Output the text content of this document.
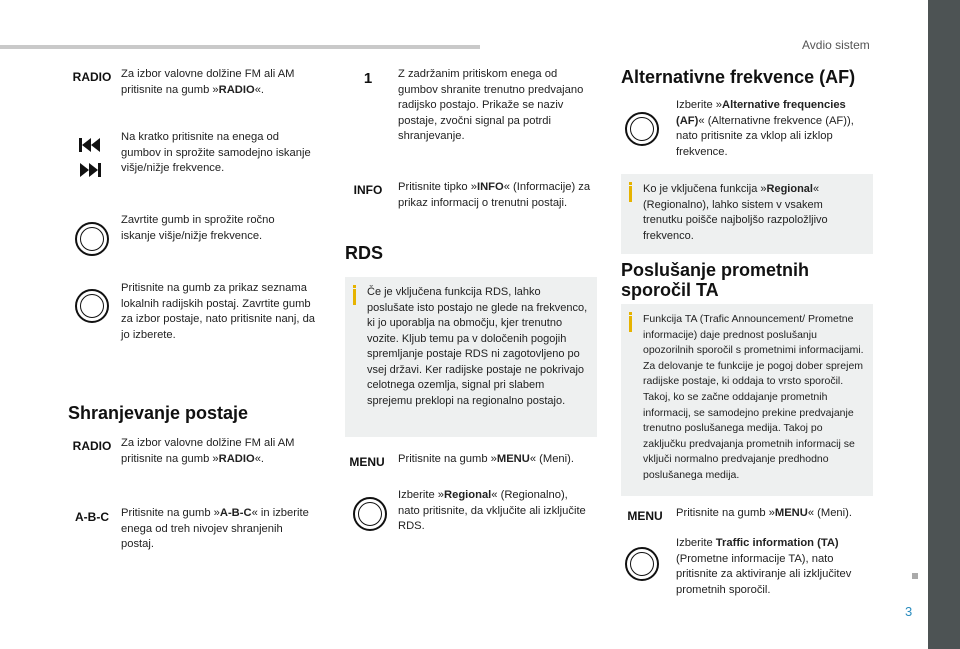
Avdio sistem
3
RADIO Za izbor valovne dolžine FM ali AM pritisnite na gumb »RADIO«.
Na kratko pritisnite na enega od gumbov in sprožite samodejno iskanje višje/nižje frekvence.
Zavrtite gumb in sprožite ročno iskanje višje/nižje frekvence.
Pritisnite na gumb za prikaz seznama lokalnih radijskih postaj. Zavrtite gumb za izbor postaje, nato pritisnite nanj, da jo izberete.
Shranjevanje postaje
RADIO Za izbor valovne dolžine FM ali AM pritisnite na gumb »RADIO«.
A-B-C	Pritisnite na gumb »A-B-C« in izberite enega od treh nivojev shranjenih postaj.
1	Z zadržanim pritiskom enega od gumbov shranite trenutno predvajano radijsko postajo. Prikaže se naziv postaje, zvočni signal pa potrdi shranjevanje.
INFO	Pritisnite tipko »INFO« (Informacije) za prikaz informacij o trenutni postaji.
RDS
Če je vključena funkcija RDS, lahko poslušate isto postajo ne glede na frekvenco, ki jo uporablja na območju, kjer trenutno vozite. Kljub temu pa v določenih pogojih spremljanje postaje RDS ni zagotovljeno po vsej državi. Ker radijske postaje ne pokrivajo celotnega ozemlja, signal pri slabem sprejemu preklopi na regionalno postajo.
MENU	Pritisnite na gumb »MENU« (Meni).
Izberite »Regional« (Regionalno), nato pritisnite, da vključite ali izključite RDS.
Alternativne frekvence (AF)
Izberite »Alternative frequencies (AF)« (Alternativne frekvence (AF)), nato pritisnite za vklop ali izklop frekvence.
Ko je vključena funkcija »Regional« (Regionalno), lahko sistem v vsakem trenutku poišče najboljšo razpoložljivo frekvenco.
Poslušanje prometnih
sporočil TA
Funkcija TA (Trafic Announcement/ Prometne informacije) daje prednost poslušanju opozorilnih sporočil s prometnimi informacijami. Za delovanje te funkcije je pogoj dober sprejem radijske postaje, ki oddaja to vrsto sporočil. Takoj, ko se začne oddajanje prometnih informacij, se samodejno prekine predvajanje trenutno poslušanega medija. Takoj po zaključku predvajanja prometnih informacij se vključi normalno predvajanje predhodno poslušanega medija.
MENU	Pritisnite na gumb »MENU« (Meni).
Izberite Traffic information (TA) (Prometne informacije TA), nato pritisnite za aktiviranje ali izključitev prometnih sporočil.
